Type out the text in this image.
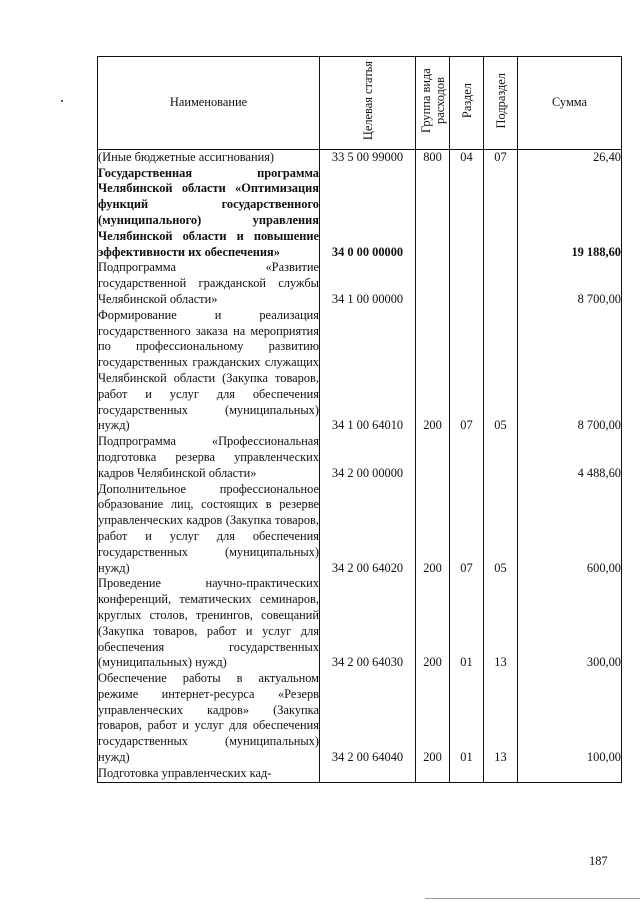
Наименование	Целевая статья	Группа вида расходов	Раздел	Подраздел	Сумма
(Иные бюджетные ассигнования)	33 5 00 99000	800	04	07	26,40
Государственная программа Челябинской области «Оптимизация функций государственного (муниципального) управления Челябинской области и повышение эффективности их обеспечения»	34 0 00 00000				19 188,60
Подпрограмма «Развитие государственной гражданской службы Челябинской области»	34 1 00 00000				8 700,00
Формирование и реализация государственного заказа на мероприятия по профессиональному развитию государственных гражданских служащих Челябинской области (Закупка товаров, работ и услуг для обеспечения государственных (муниципальных) нужд)	34 1 00 64010	200	07	05	8 700,00
Подпрограмма «Профессиональная подготовка резерва управленческих кадров Челябинской области»	34 2 00 00000				4 488,60
Дополнительное профессиональное образование лиц, состоящих в резерве управленческих кадров (Закупка товаров, работ и услуг для обеспечения государственных (муниципальных) нужд)	34 2 00 64020	200	07	05	600,00
Проведение научно-практических конференций, тематических семинаров, круглых столов, тренингов, совещаний (Закупка товаров, работ и услуг для обеспечения государственных (муниципальных) нужд)	34 2 00 64030	200	01	13	300,00
Обеспечение работы в актуальном режиме интернет-ресурса «Резерв управленческих кадров» (Закупка товаров, работ и услуг для обеспечения государственных (муниципальных) нужд)	34 2 00 64040	200	01	13	100,00
Подготовка управленческих кад-					
187
